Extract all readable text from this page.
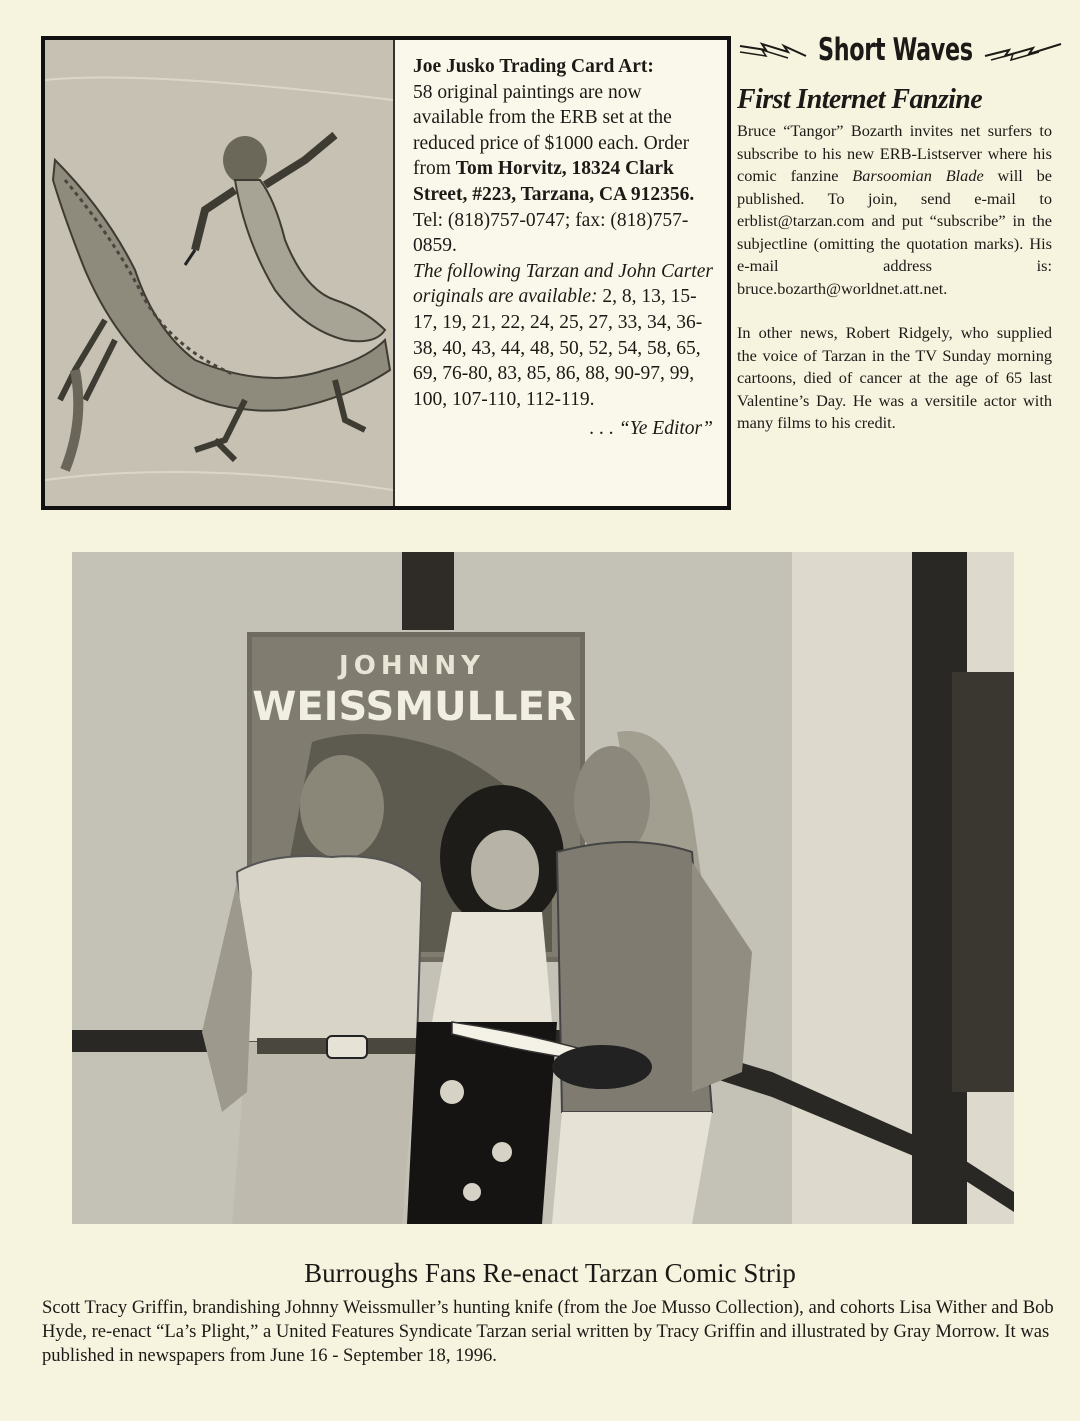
Joe Jusko Trading Card Art:
58 original paintings are now available from the ERB set at the reduced price of $1000 each. Order from Tom Horvitz, 18324 Clark Street, #223, Tarzana, CA 912356. Tel: (818)757-0747; fax: (818)757-0859.
The following Tarzan and John Carter originals are available: 2, 8, 13, 15-17, 19, 21, 22, 24, 25, 27, 33, 34, 36-38, 40, 43, 44, 48, 50, 52, 54, 58, 65, 69, 76-80, 83, 85, 86, 88, 90-97, 99, 100, 107-110, 112-119.

. . . “Ye Editor”

Short Waves
First Internet Fanzine

Bruce “Tangor” Bozarth invites net surfers to subscribe to his new ERB-Listserver where his comic fanzine Barsoomian Blade will be published. To join, send e-mail to erblist@tarzan.com and put “subscribe” in the subjectline (omitting the quotation marks). His e-mail address is: bruce.bozarth@worldnet.att.net.

In other news, Robert Ridgely, who supplied the voice of Tarzan in the TV Sunday morning cartoons, died of cancer at the age of 65 last Valentine’s Day. He was a versitile actor with many films to his credit.

JOHNNY
WEISSMULLER
Burroughs Fans Re-enact Tarzan Comic Strip
Scott Tracy Griffin, brandishing Johnny Weissmuller’s hunting knife (from the Joe Musso Collection), and cohorts Lisa Wither and Bob Hyde, re-enact “La’s Plight,” a United Features Syndicate Tarzan serial written by Tracy Griffin and illustrated by Gray Morrow. It was published in newspapers from June 16 - September 18, 1996.
